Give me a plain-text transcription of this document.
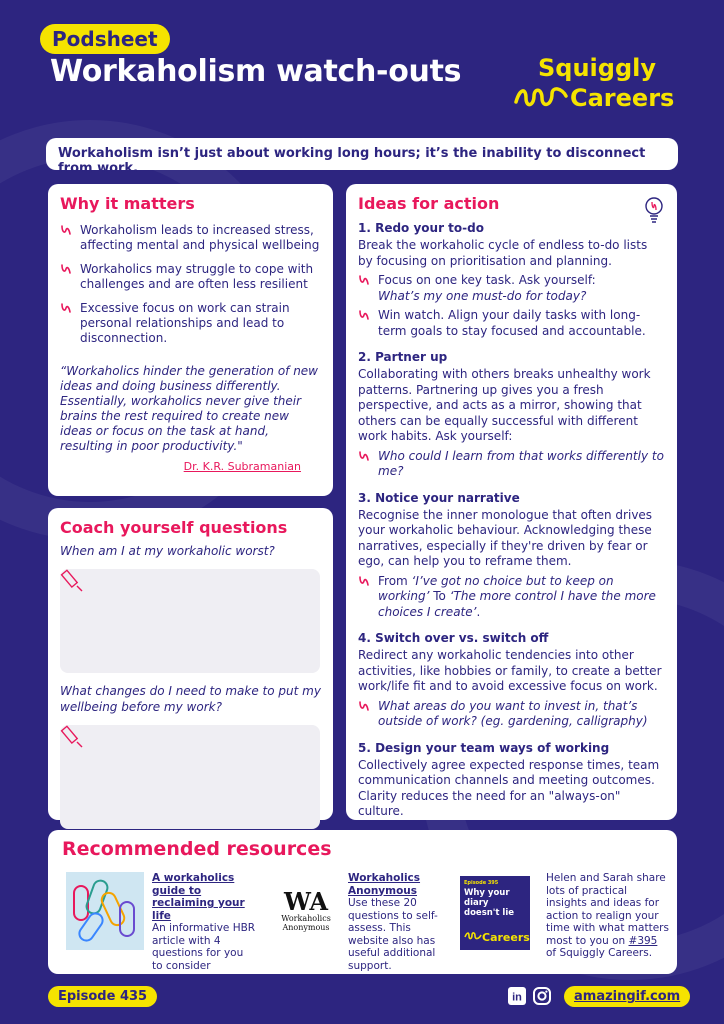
Podsheet
Workaholism watch-outs	Squiggly
Careers
Workaholism isn’t just about working long hours; it’s the inability to disconnect from work.
Why it matters
Workaholism leads to increased stress, affecting mental and physical wellbeing
Workaholics may struggle to cope with challenges and are often less resilient
Excessive focus on work can strain personal relationships and lead to disconnection.

“Workaholics hinder the generation of new ideas and doing business differently. Essentially, workaholics never give their brains the rest required to create new ideas or focus on the task at hand, resulting in poor productivity."

Dr. K.R. Subramanian
Coach yourself questions

When am I at my workaholic worst?

What changes do I need to make to put my wellbeing before my work?

Ideas for action
1. Redo your to-do

Break the workaholic cycle of endless to-do lists by focusing on prioritisation and planning.

Focus on one key task. Ask yourself:
What’s my one must-do for today?
Win watch. Align your daily tasks with long-term goals to stay focused and accountable.
2. Partner up

Collaborating with others breaks unhealthy work patterns. Partnering up gives you a fresh perspective, and acts as a mirror, showing that others can be equally successful with different work habits. Ask yourself:

Who could I learn from that works differently to me?
3. Notice your narrative

Recognise the inner monologue that often drives your workaholic behaviour. Acknowledging these narratives, especially if they're driven by fear or ego, can help you to reframe them.

From ‘I’ve got no choice but to keep on working’ To ‘The more control I have the more choices I create’.
4. Switch over vs. switch off

Redirect any workaholic tendencies into other activities, like hobbies or family, to create a better work/life fit and to avoid excessive focus on work.

What areas do you want to invest in, that’s outside of work? (eg. gardening, calligraphy)
5. Design your team ways of working

Collectively agree expected response times, team communication channels and meeting outcomes. Clarity reduces the need for an "always-on" culture.

Recommended resources
A workaholics guide to reclaiming your life
An informative HBR article with 4 questions for you to consider
WA
Workaholics Anonymous
Workaholics Anonymous
Use these 20 questions to self-assess. This website also has useful additional support.
Episode 395
Why your diary doesn't lie
Careers
Helen and Sarah share lots of practical insights and ideas for action to realign your time with what matters most to you on #395 of Squiggly Careers.
Episode 435	in	amazingif.com
